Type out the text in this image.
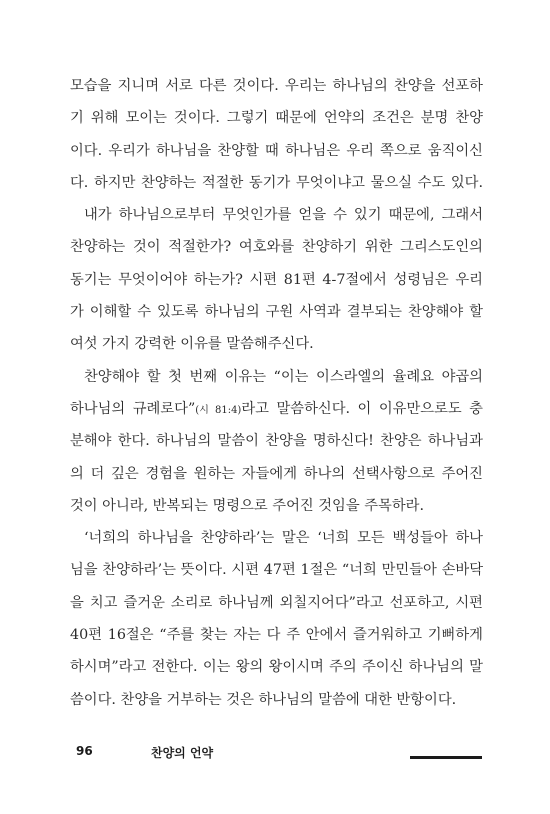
모습을 지니며 서로 다른 것이다. 우리는 하나님의 찬양을 선포하
기 위해 모이는 것이다. 그렇기 때문에 언약의 조건은 분명 찬양
이다. 우리가 하나님을 찬양할 때 하나님은 우리 쪽으로 움직이신
다. 하지만 찬양하는 적절한 동기가 무엇이냐고 물으실 수도 있다.
내가 하나님으로부터 무엇인가를 얻을 수 있기 때문에, 그래서
찬양하는 것이 적절한가? 여호와를 찬양하기 위한 그리스도인의
동기는 무엇이어야 하는가? 시편 81편 4-7절에서 성령님은 우리
가 이해할 수 있도록 하나님의 구원 사역과 결부되는 찬양해야 할
여섯 가지 강력한 이유를 말씀해주신다.
찬양해야 할 첫 번째 이유는 “이는 이스라엘의 율례요 야곱의
하나님의 규례로다”(시 81:4)라고 말씀하신다. 이 이유만으로도 충
분해야 한다. 하나님의 말씀이 찬양을 명하신다! 찬양은 하나님과
의 더 깊은 경험을 원하는 자들에게 하나의 선택사항으로 주어진
것이 아니라, 반복되는 명령으로 주어진 것임을 주목하라.
‘너희의 하나님을 찬양하라’는 말은 ‘너희 모든 백성들아 하나
님을 찬양하라’는 뜻이다. 시편 47편 1절은 “너희 만민들아 손바닥
을 치고 즐거운 소리로 하나님께 외칠지어다”라고 선포하고, 시편
40편 16절은 “주를 찾는 자는 다 주 안에서 즐거워하고 기뻐하게
하시며”라고 전한다. 이는 왕의 왕이시며 주의 주이신 하나님의 말
씀이다. 찬양을 거부하는 것은 하나님의 말씀에 대한 반항이다.
96	찬양의 언약
